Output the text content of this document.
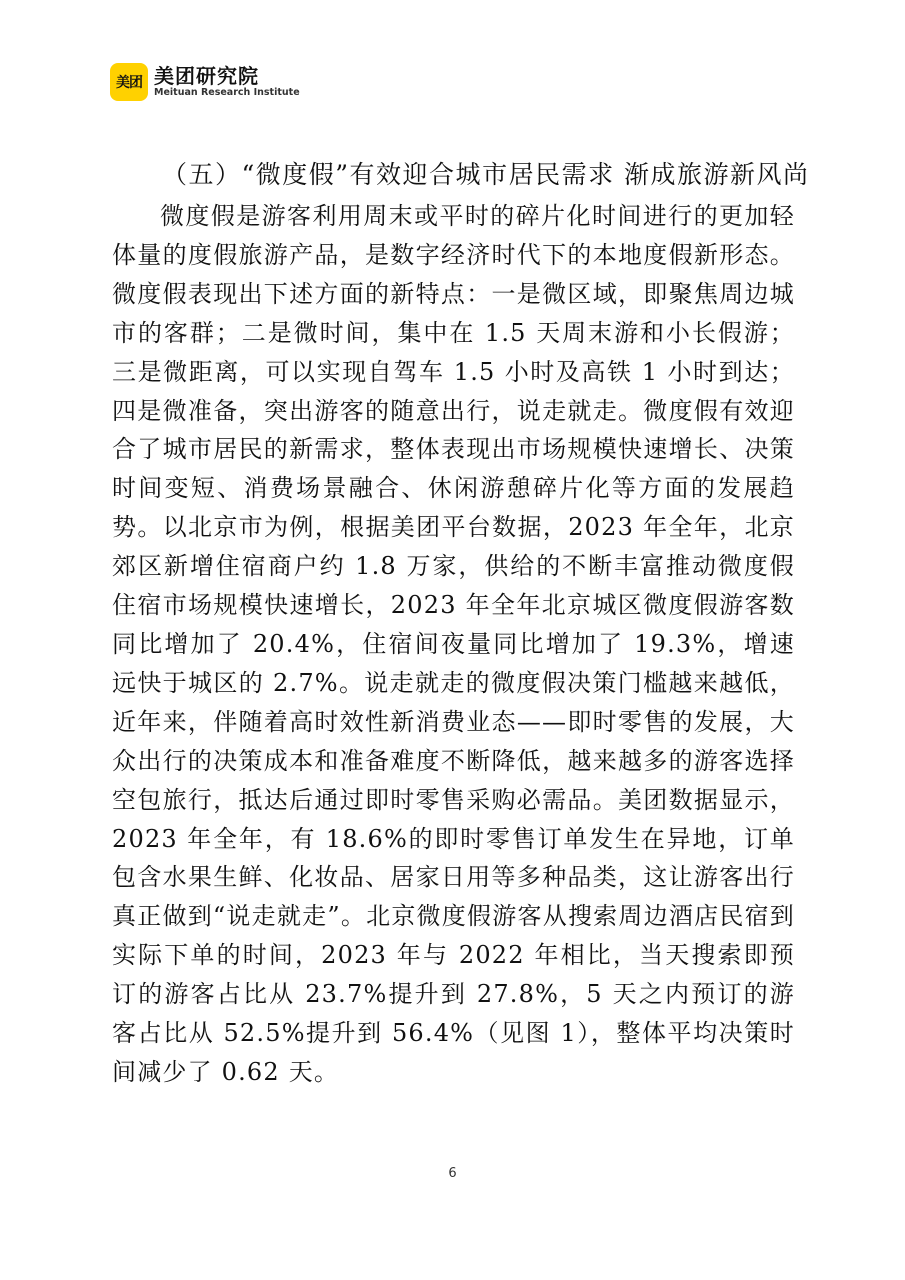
美团 美团研究院
Meituan Research Institute
（五）“微度假”有效迎合城市居民需求 渐成旅游新风尚

微度假是游客利用周末或平时的碎片化时间进行的更加轻体量的度假旅游产品，是数字经济时代下的本地度假新形态。微度假表现出下述方面的新特点：一是微区域，即聚焦周边城市的客群；二是微时间，集中在 1.5 天周末游和小长假游；三是微距离，可以实现自驾车 1.5 小时及高铁 1 小时到达；四是微准备，突出游客的随意出行，说走就走。微度假有效迎合了城市居民的新需求，整体表现出市场规模快速增长、决策时间变短、消费场景融合、休闲游憩碎片化等方面的发展趋势。以北京市为例，根据美团平台数据，2023 年全年，北京郊区新增住宿商户约 1.8 万家，供给的不断丰富推动微度假住宿市场规模快速增长，2023 年全年北京城区微度假游客数同比增加了 20.4%，住宿间夜量同比增加了 19.3%，增速远快于城区的 2.7%。说走就走的微度假决策门槛越来越低，近年来，伴随着高时效性新消费业态——即时零售的发展，大众出行的决策成本和准备难度不断降低，越来越多的游客选择空包旅行，抵达后通过即时零售采购必需品。美团数据显示，2023 年全年，有 18.6%的即时零售订单发生在异地，订单包含水果生鲜、化妆品、居家日用等多种品类，这让游客出行真正做到“说走就走”。北京微度假游客从搜索周边酒店民宿到实际下单的时间，2023 年与 2022 年相比，当天搜索即预订的游客占比从 23.7%提升到 27.8%，5 天之内预订的游客占比从 52.5%提升到 56.4%（见图 1），整体平均决策时间减少了 0.62 天。

6
